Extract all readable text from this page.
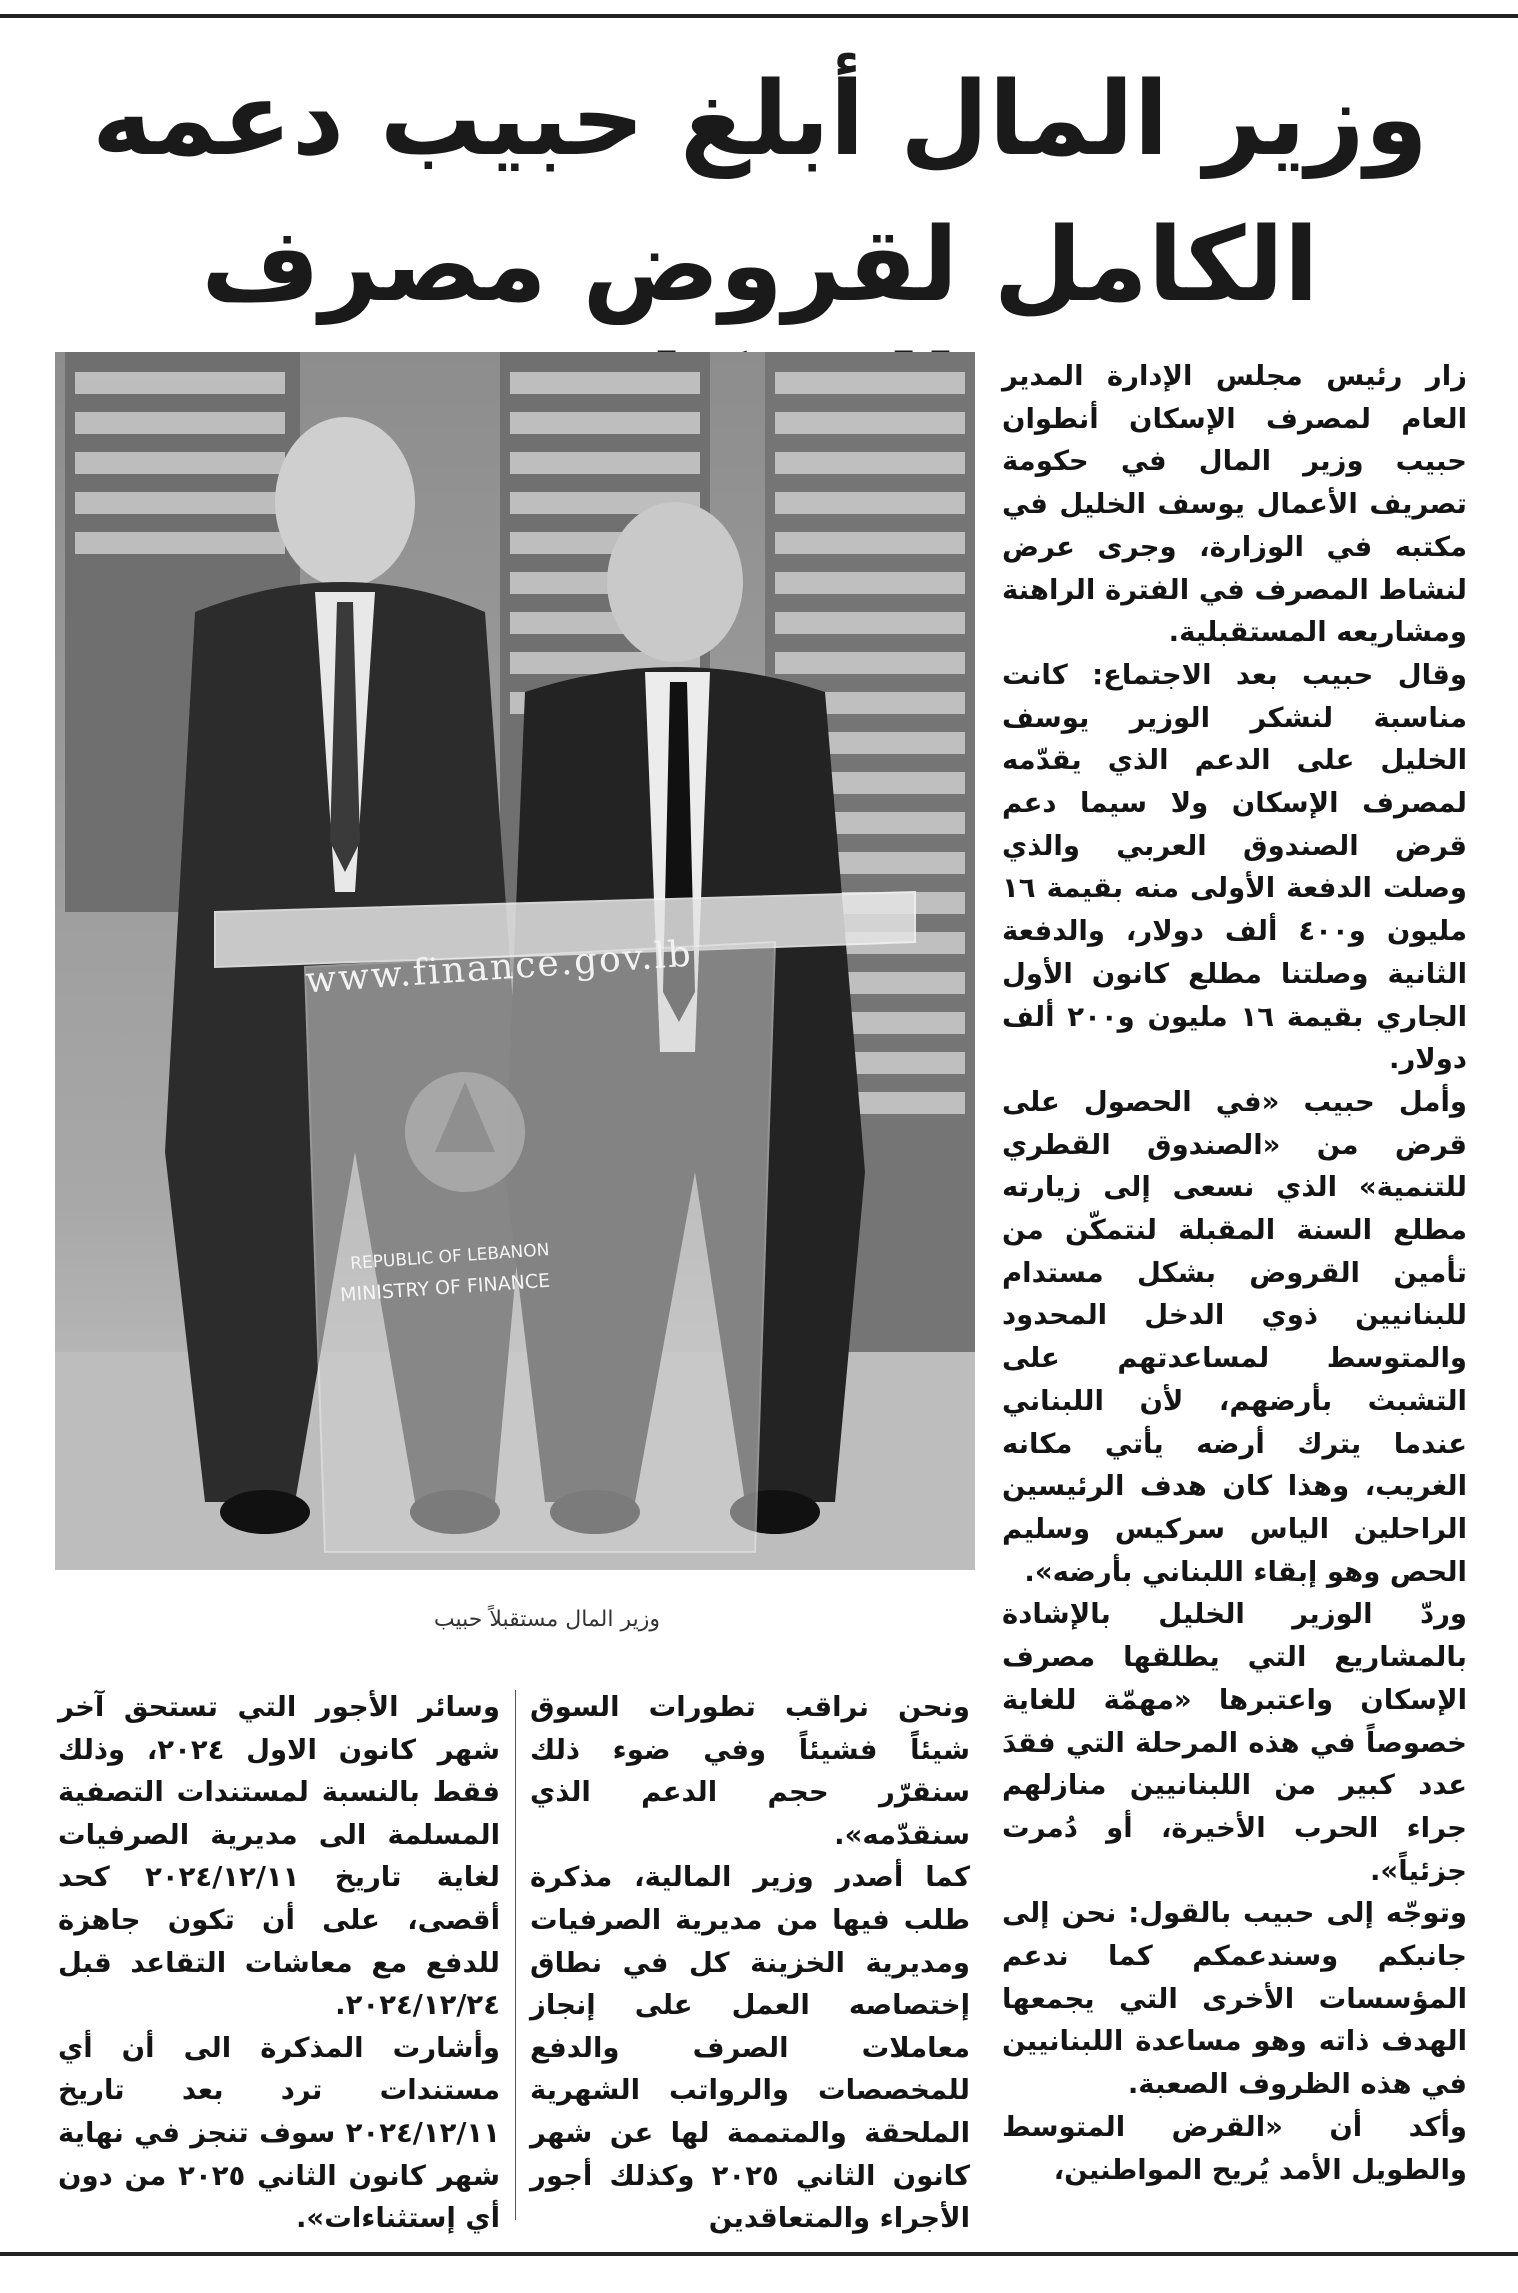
وزير المال أبلغ حبيب دعمه
الكامل لقروض مصرف
www.finance.gov.lb
REPUBLIC OF LEBANON
MINISTRY OF FINANCE
وزير المال مستقبلاً حبيب

زار رئيس مجلس الإدارة المدير العام لمصرف الإسكان أنطوان حبيب وزير المال في حكومة تصريف الأعمال يوسف الخليل في مكتبه في الوزارة، وجرى عرض لنشاط المصرف في الفترة الراهنة ومشاريعه المستقبلية.

وقال حبيب بعد الاجتماع: كانت مناسبة لنشكر الوزير يوسف الخليل على الدعم الذي يقدّمه لمصرف الإسكان ولا سيما دعم قرض الصندوق العربي والذي وصلت الدفعة الأولى منه بقيمة ١٦ مليون و٤٠٠ ألف دولار، والدفعة الثانية وصلتنا مطلع كانون الأول الجاري بقيمة ١٦ مليون و٢٠٠ ألف دولار.

وأمل حبيب «في الحصول على قرض من «الصندوق القطري للتنمية» الذي نسعى إلى زيارته مطلع السنة المقبلة لنتمكّن من تأمين القروض بشكل مستدام للبنانيين ذوي الدخل المحدود والمتوسط لمساعدتهم على التشبث بأرضهم، لأن اللبناني عندما يترك أرضه يأتي مكانه الغريب، وهذا كان هدف الرئيسين الراحلين الياس سركيس وسليم الحص وهو إبقاء اللبناني بأرضه».

وردّ الوزير الخليل بالإشادة بالمشاريع التي يطلقها مصرف الإسكان واعتبرها «مهمّة للغاية خصوصاً في هذه المرحلة التي فقدَ عدد كبير من اللبنانيين منازلهم جراء الحرب الأخيرة، أو دُمرت جزئياً».

وتوجّه إلى حبيب بالقول: نحن إلى جانبكم وسندعمكم كما ندعم المؤسسات الأخرى التي يجمعها الهدف ذاته وهو مساعدة اللبنانيين في هذه الظروف الصعبة.

وأكد أن «القرض المتوسط والطويل الأمد يُريح المواطنين،

ونحن نراقب تطورات السوق شيئاً فشيئاً وفي ضوء ذلك سنقرّر حجم الدعم الذي سنقدّمه».

كما أصدر وزير المالية، مذكرة طلب فيها من مديرية الصرفيات ومديرية الخزينة كل في نطاق إختصاصه العمل على إنجاز معاملات الصرف والدفع للمخصصات والرواتب الشهرية الملحقة والمتممة لها عن شهر كانون الثاني ٢٠٢٥ وكذلك أجور الأجراء والمتعاقدين

وسائر الأجور التي تستحق آخر شهر كانون الاول ٢٠٢٤، وذلك فقط بالنسبة لمستندات التصفية المسلمة الى مديرية الصرفيات لغاية تاريخ ٢٠٢٤/١٢/١١ كحد أقصى، على أن تكون جاهزة للدفع مع معاشات التقاعد قبل ٢٠٢٤/١٢/٢٤.

وأشارت المذكرة الى أن أي مستندات ترد بعد تاريخ ٢٠٢٤/١٢/١١ سوف تنجز في نهاية شهر كانون الثاني ٢٠٢٥ من دون أي إستثناءات».
